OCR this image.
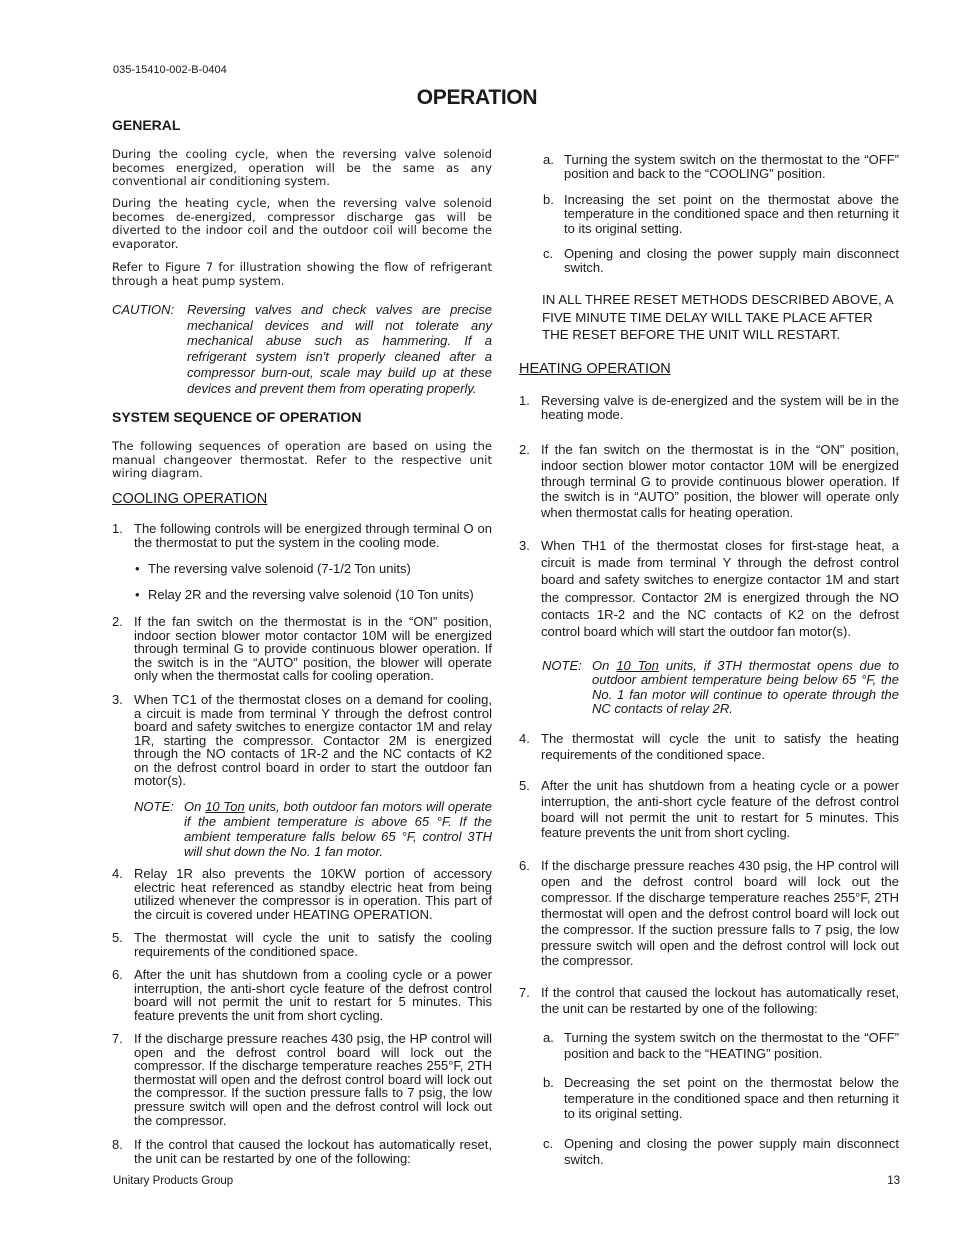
035-15410-002-B-0404
OPERATION
GENERAL
During the cooling cycle, when the reversing valve solenoid becomes energized, operation will be the same as any conventional air conditioning system.
During the heating cycle, when the reversing valve solenoid becomes de-energized, compressor discharge gas will be diverted to the indoor coil and the outdoor coil will become the evaporator.
Refer to Figure 7 for illustration showing the flow of refrigerant through a heat pump system.
CAUTION: Reversing valves and check valves are precise mechanical devices and will not tolerate any mechanical abuse such as hammering. If a refrigerant system isn't properly cleaned after a compressor burn-out, scale may build up at these devices and prevent them from operating properly.
SYSTEM SEQUENCE OF OPERATION
The following sequences of operation are based on using the manual changeover thermostat. Refer to the respective unit wiring diagram.
COOLING OPERATION
1. The following controls will be energized through terminal O on the thermostat to put the system in the cooling mode.
• The reversing valve solenoid (7-1/2 Ton units)
• Relay 2R and the reversing valve solenoid (10 Ton units)
2. If the fan switch on the thermostat is in the “ON” position, indoor section blower motor contactor 10M will be energized through terminal G to provide continuous blower operation. If the switch is in the “AUTO” position, the blower will operate only when the thermostat calls for cooling operation.
3. When TC1 of the thermostat closes on a demand for cooling, a circuit is made from terminal Y through the defrost control board and safety switches to energize contactor 1M and relay 1R, starting the compressor. Contactor 2M is energized through the NO contacts of 1R-2 and the NC contacts of K2 on the defrost control board in order to start the outdoor fan motor(s).
NOTE: On 10 Ton units, both outdoor fan motors will operate if the ambient temperature is above 65 °F. If the ambient temperature falls below 65 °F, control 3TH will shut down the No. 1 fan motor.
4. Relay 1R also prevents the 10KW portion of accessory electric heat referenced as standby electric heat from being utilized whenever the compressor is in operation. This part of the circuit is covered under HEATING OPERATION.
5. The thermostat will cycle the unit to satisfy the cooling requirements of the conditioned space.
6. After the unit has shutdown from a cooling cycle or a power interruption, the anti-short cycle feature of the defrost control board will not permit the unit to restart for 5 minutes. This feature prevents the unit from short cycling.
7. If the discharge pressure reaches 430 psig, the HP control will open and the defrost control board will lock out the compressor. If the discharge temperature reaches 255°F, 2TH thermostat will open and the defrost control board will lock out the compressor. If the suction pressure falls to 7 psig, the low pressure switch will open and the defrost control will lock out the compressor.
8. If the control that caused the lockout has automatically reset, the unit can be restarted by one of the following:
a. Turning the system switch on the thermostat to the “OFF” position and back to the “COOLING” position.
b. Increasing the set point on the thermostat above the temperature in the conditioned space and then returning it to its original setting.
c. Opening and closing the power supply main disconnect switch.
IN ALL THREE RESET METHODS DESCRIBED ABOVE, A FIVE MINUTE TIME DELAY WILL TAKE PLACE AFTER THE RESET BEFORE THE UNIT WILL RESTART.
HEATING OPERATION
1. Reversing valve is de-energized and the system will be in the heating mode.
2. If the fan switch on the thermostat is in the “ON” position, indoor section blower motor contactor 10M will be energized through terminal G to provide continuous blower operation. If the switch is in “AUTO” position, the blower will operate only when thermostat calls for heating operation.
3. When TH1 of the thermostat closes for first-stage heat, a circuit is made from terminal Y through the defrost control board and safety switches to energize contactor 1M and start the compressor. Contactor 2M is energized through the NO contacts 1R-2 and the NC contacts of K2 on the defrost control board which will start the outdoor fan motor(s).
NOTE: On 10 Ton units, if 3TH thermostat opens due to outdoor ambient temperature being below 65 °F, the No. 1 fan motor will continue to operate through the NC contacts of relay 2R.
4. The thermostat will cycle the unit to satisfy the heating requirements of the conditioned space.
5. After the unit has shutdown from a heating cycle or a power interruption, the anti-short cycle feature of the defrost control board will not permit the unit to restart for 5 minutes. This feature prevents the unit from short cycling.
6. If the discharge pressure reaches 430 psig, the HP control will open and the defrost control board will lock out the compressor. If the discharge temperature reaches 255°F, 2TH thermostat will open and the defrost control board will lock out the compressor. If the suction pressure falls to 7 psig, the low pressure switch will open and the defrost control will lock out the compressor.
7. If the control that caused the lockout has automatically reset, the unit can be restarted by one of the following:
a. Turning the system switch on the thermostat to the “OFF” position and back to the “HEATING” position.
b. Decreasing the set point on the thermostat below the temperature in the conditioned space and then returning it to its original setting.
c. Opening and closing the power supply main disconnect switch.
Unitary Products Group	13
